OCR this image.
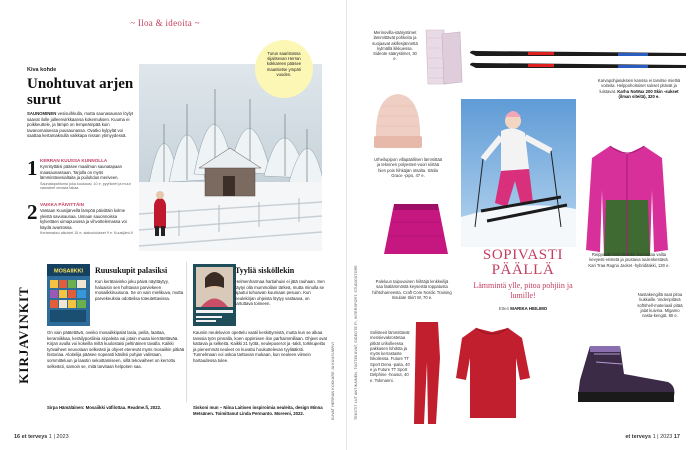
~ Iloa & ideoita ~
Kiva kohde
Unohtuvat arjen surut
SAUNOMINEN vesisuihkulla, mutta saunasaunan löylyt saavat ilolle jalleenvirkkaansa kokemuksen. Kuuma ei poikkeuttele, ja lämpö on lempeämpää kuin tavanomaisessa puusaunassa. Ovatko kylpylät voi saattaa kertamaksulla vaikkapa nissan ytimyydessä.
1 KERRAN KUUSSA KUNNOLLA
Kynnityttäisi pääsee maailman saunatapaan maasaunassaan. Tarjolla on myös lämmintävesialtaita ja puiluhdus meriveen.
Saunatapahtuma joka kuukausi, 10 e, pyyhkeet ja muut varusteet omasta takaa.
2 VAIKKA PÄIVITTÄIN
Vantaan Kuusijärvellä lämpöä päivittäin kolme yleistä savusaunaa. Uimaan sauonnoissa kylvettäen uimapuvussa ja vihvottelemassa voi käydä avantossa.
Kertamaksu aikuiset 15 e, alakoululaiset 9 e. Kuusijärvi.fi
Turun saaristossa sijaitsevan Herran kokkareen pääsee maantietse ympäri vuoden.
KIRJAVINKIT
MOSAIIKKI Ruusukupit palasiksi
Kun kerätaivinko joku päivä näyttäytyy, haluaisin sen hohtavan parviekeen mosaiikkiruusuna. Se on vain mielikuva, mutta parvekeuksia odottelisa toteutettavissa.
On vain päätettävä, oveiko mosaiikkipalat lasia, peiliä, laattaa, keramiikkaa, keräilyposliinia sirpaleita vai jotain muuta kierrätettävää. Kirjan avulla voi kokeilla miltä kuulostaisi peltinäinen tavalla. Kaikki työvaiheet neuvotaan selkeästi ja ohjeet etenevät myös mosaiikin pitkää historiaa. Aloitelija pääsee nopeasti käsiksi pohjan valintaan, sommitteluun ja laastin sekoittamiseen, sillä tekovaiheet on kerrottu selkeästi, samoin se, mitä tarvitaan helpoiten saa.
Sirpa Hämäläinen: Mosaiikki väfilottaa. Readme.fi, 2022.
Tyyliä sisköllekin
Helmenharmaa hartiahuivi ei jätä rauhaan. Sen täytyi olla mummollani tärkeä, mutta minulla se ajautui tuhoavan kuumaan pesuun. Kun neulekirjan ohjeista löytyy vastaava, on tartuttava toimeen.
Kauniin neuleluvion opettelu vaatii keskittymistä, mutta kun se alkaa tanssia työn pinnalla, koen oppimisen ilon parhaimmillaan. Ohjeet ovat kattavia ja selkeitä. Kaikki 21 työtä, neulepuserot ja -takit, torkkupeitto ja pienemmät neuleet on kuvattu houkuttelevan tyyliääksti. Tunnelmaan voi uskoa tarttuvan mukaan, kun neuleen viimein hartaudessa tulee.
Siskoni mun – Niina Laitisen inspiroimia neuleita, design Minna Metsänen. Toimittanut Linda Permanto. Moreeni, 2022.	KUVAT HERRAN KOKKARE JA KUUSIJÄRVI
16 et terveys 1 | 2023
TEKSTIT LUT ANTIKAINEN, TUOTEKUVAT, SIDEOTE FI, INTERSPORT, STUDIOSTORE
Merinovilla-säärystimet lämmittävät pohkeita ja suojaavat akillesjännettä kylmällä liikkuessa. Sideote säärystimet, 30 e.
Karvapohjasuksien kanssa ei tarvitse miettiä voiteita. Helppohoitoiset sukset pitävät ja luistavat. Karhu NoWax 200 Skin -sukset (ilman siteitä), 320 e.
Urheilupipon villapäällinen lämmittää ja tekninen polyesteri-vuori siirtää hien pois hihkäjän otsalta. Sätila Grace -pipo, 47 e.
Reippaalle hiihtolenkille kannattaa valita kevyesti eristetä ja joustava tuulenkestävä. Kari Traa Ragna Jacket -hybriditakki, 130 e.
Paleluun taipuvainen hiihtäjä lenkkeilijä saa lisälämmöstä keyseistä toppatusta hiihtohameesta. Craft Core Nordic Training Insulate Skirt W, 70 e.
SOPIVASTI PÄÄLLÄ
Lämmintä ylle, pitoa pohjiin ja lumille!
Etteri MARIKA HEILIMO
Solisteeit lämmittävät mensievakrostetaa pitkät urikolleessa pakkasen lohdsta ja myös kerrastaste hikoilessa. Future TT Sport Dena -paita, 40 e ja Future TT Sport Delphine -housut, 40 e. Tokmanni.
Nastakengillä saat pitoa liukkaille. Vedenpitävä softshell-materiaali pitää jalat kuivina. Mlgamo nasta-kengät, 80 e.
et terveys 1 | 2023 17
